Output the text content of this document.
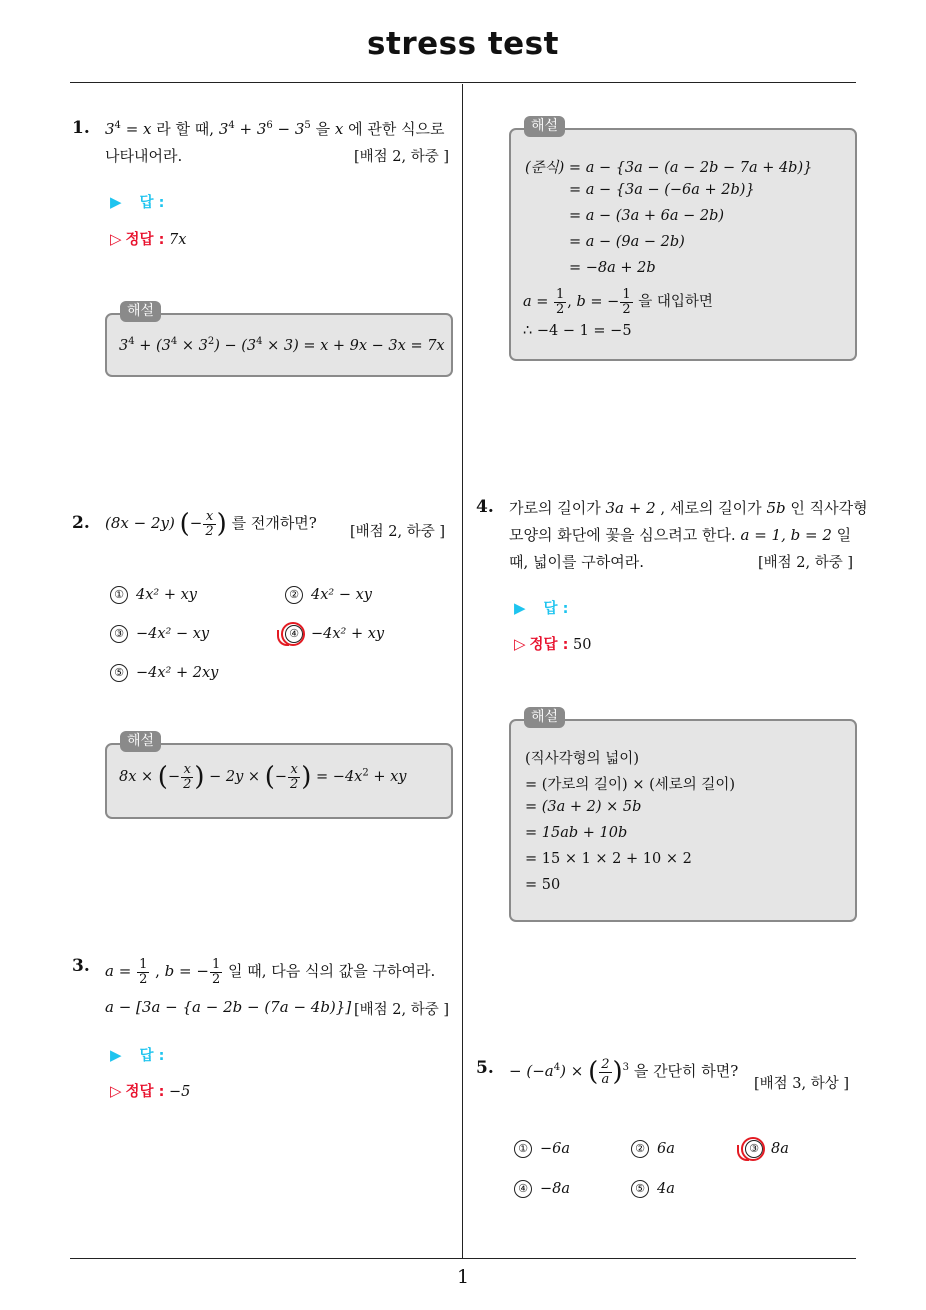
stress test
1
1. $3^4 = x$ 라 할 때, $3^4 + 3^6 - 3^5$ 을 x 에 관한 식으로
나타내어라.	[배점 2, 하중 ]
▶ 답 :
▷ 정답 : 7x
해설
$3^4 + (3^4 \times 3^2) - (3^4 \times 3) = x + 9x - 3x = 7x$
2. (8x − 2y) (− $\frac{x}{2}$ ) 를 전개하면? [배점 2, 하중 ]
① 4x² + xy	② 4x² − xy
③ −4x² − xy	④ −4x² + xy
⑤ −4x² + 2xy
해설
8x × (− $\frac{x}{2}$ ) − 2y × (− $\frac{x}{2}$ ) = $-4x^2$ + xy
3. $a = \frac{1}{2}$ , b = − $\frac{1}{2}$ 일 때, 다음 식의 값을 구하여라.
a − [3a − {a − 2b − (7a − 4b)}] [배점 2, 하중 ]
▶ 답 :
▷ 정답 : −5
해설
(준식) = a − {3a − (a − 2b − 7a + 4b)}
= a − {3a − (−6a + 2b)}
= a − (3a + 6a − 2b)
= a − (9a − 2b)
= −8a + 2b
$a = \frac{1}{2}$ , b = − $\frac{1}{2}$ 을 대입하면
∴ −4 − 1 = −5
4. 가로의 길이가 3a + 2 , 세로의 길이가 5b 인 직사각형
모양의 화단에 꽃을 심으려고 한다. a = 1, b = 2 일
때, 넓이를 구하여라.	[배점 2, 하중 ]
▶ 답 :
▷ 정답 : 50
해설
(직사각형의 넓이)
= (가로의 길이) × (세로의 길이)
= (3a + 2) × 5b
= 15ab + 10b
= 15 × 1 × 2 + 10 × 2
= 50
5. − $(-a^4)$ × ( $\frac{2}{a} )^3$ 을 간단히 하면?
[배점 3, 하상 ]
① −6a	② 6a	③ 8a
④ −8a	⑤ 4a
